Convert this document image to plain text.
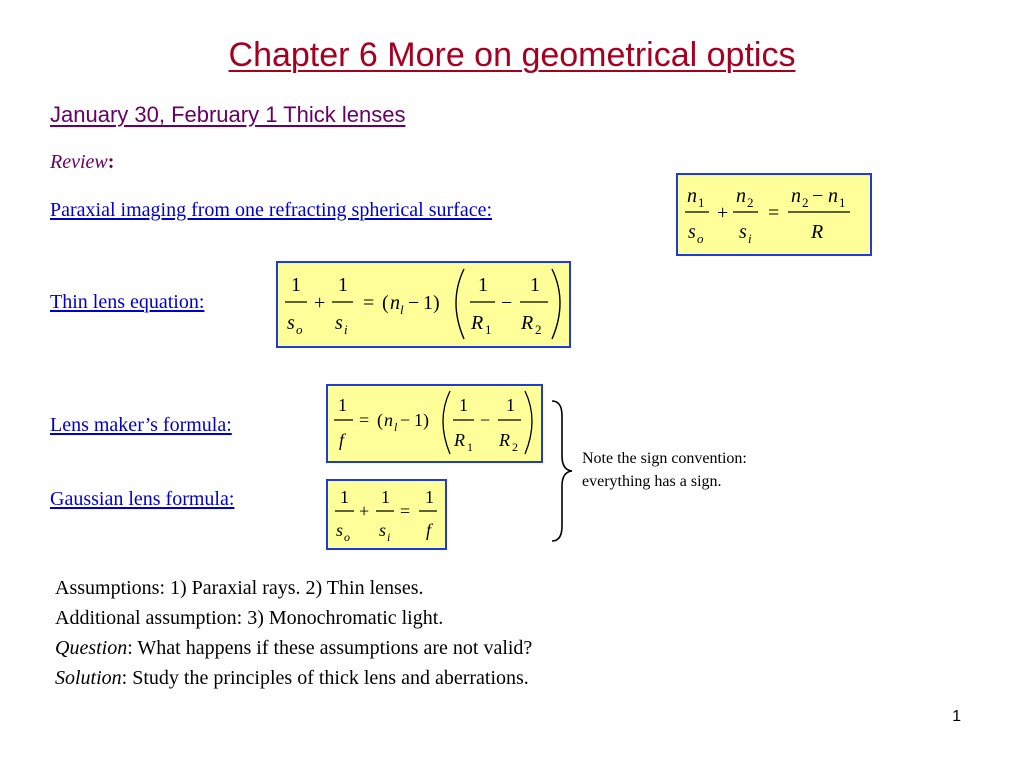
Chapter 6 More on geometrical optics
January 30, February 1 Thick lenses
Review:
Paraxial imaging from one refracting spherical surface:
n 1
s o
+
n 2
s i
=
n 2 − n 1
R
Thin lens equation:
1
s o
+
1
s i
= ( n l − 1)
1
R 1
−
1
R 2
Lens maker’s formula:
1
f
= ( n l − 1)
1
R 1
−
1
R 2
Gaussian lens formula:	1
s o
+
1
s i
=
1
f
Note the sign convention:
everything has a sign.
Assumptions: 1) Paraxial rays. 2) Thin lenses.
Additional assumption: 3) Monochromatic light.
Question: What happens if these assumptions are not valid?
Solution: Study the principles of thick lens and aberrations.
1
